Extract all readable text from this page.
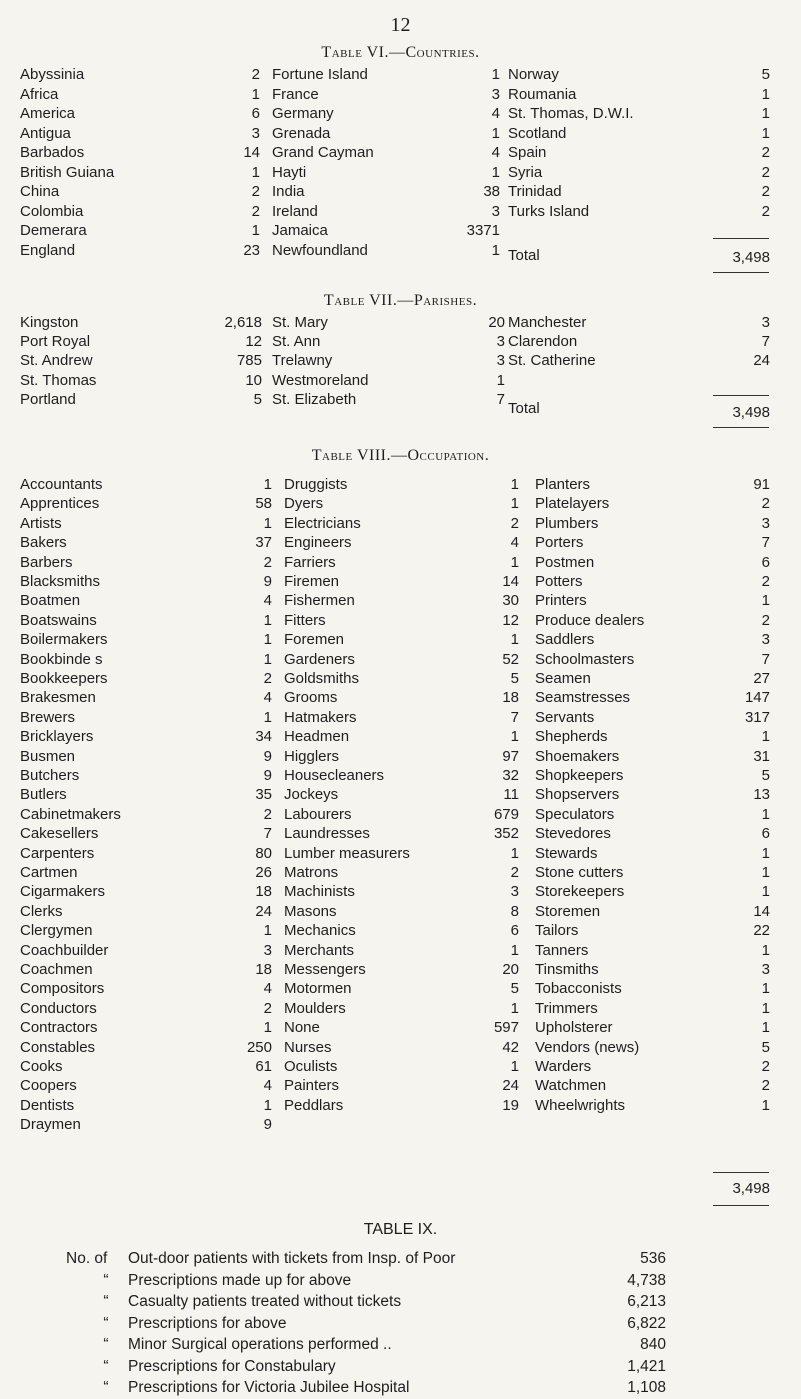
12
Table VI.—Countries.
Abyssinia	2
Africa	1
America	6
Antigua	3
Barbados	14
British Guiana	1
China	2
Colombia	2
Demerara	1
England	23
Fortune Island	1
France	3
Germany	4
Grenada	1
Grand Cayman	4
Hayti	1
India	38
Ireland	3
Jamaica	3371
Newfoundland	1
Norway	5
Roumania	1
St. Thomas, D.W.I.	1
Scotland	1
Spain	2
Syria	2
Trinidad	2
Turks Island	2
Total	3,498
Table VII.—Parishes.
Kingston	2,618
Port Royal	12
St. Andrew	785
St. Thomas	10
Portland	5
St. Mary	20
St. Ann	3
Trelawny	3
Westmoreland	1
St. Elizabeth	7
Manchester	3
Clarendon	7
St. Catherine	24
Total	3,498
Table VIII.—Occupation.
Accountants	1
Apprentices	58
Artists	1
Bakers	37
Barbers	2
Blacksmiths	9
Boatmen	4
Boatswains	1
Boilermakers	1
Bookbinde s	1
Bookkeepers	2
Brakesmen	4
Brewers	1
Bricklayers	34
Busmen	9
Butchers	9
Butlers	35
Cabinetmakers	2
Cakesellers	7
Carpenters	80
Cartmen	26
Cigarmakers	18
Clerks	24
Clergymen	1
Coachbuilder	3
Coachmen	18
Compositors	4
Conductors	2
Contractors	1
Constables	250
Cooks	61
Coopers	4
Dentists	1
Draymen	9
Druggists	1
Dyers	1
Electricians	2
Engineers	4
Farriers	1
Firemen	14
Fishermen	30
Fitters	12
Foremen	1
Gardeners	52
Goldsmiths	5
Grooms	18
Hatmakers	7
Headmen	1
Higglers	97
Housecleaners	32
Jockeys	11
Labourers	679
Laundresses	352
Lumber measurers	1
Matrons	2
Machinists	3
Masons	8
Mechanics	6
Merchants	1
Messengers	20
Motormen	5
Moulders	1
None	597
Nurses	42
Oculists	1
Painters	24
Peddlars	19
Planters	91
Platelayers	2
Plumbers	3
Porters	7
Postmen	6
Potters	2
Printers	1
Produce dealers	2
Saddlers	3
Schoolmasters	7
Seamen	27
Seamstresses	147
Servants	317
Shepherds	1
Shoemakers	31
Shopkeepers	5
Shopservers	13
Speculators	1
Stevedores	6
Stewards	1
Stone cutters	1
Storekeepers	1
Storemen	14
Tailors	22
Tanners	1
Tinsmiths	3
Tobacconists	1
Trimmers	1
Upholsterer	1
Vendors (news)	5
Warders	2
Watchmen	2
Wheelwrights	1
3,498
TABLE IX.
No. of Out-door patients with tickets from Insp. of Poor	536
“	Prescriptions made up for above	4,738
“	Casualty patients treated without tickets	6,213
“	Prescriptions for above	6,822
“	Minor Surgical operations performed ..	840
“	Prescriptions for Constabulary	1,421
“	Prescriptions for Victoria Jubilee Hospital	1,108
